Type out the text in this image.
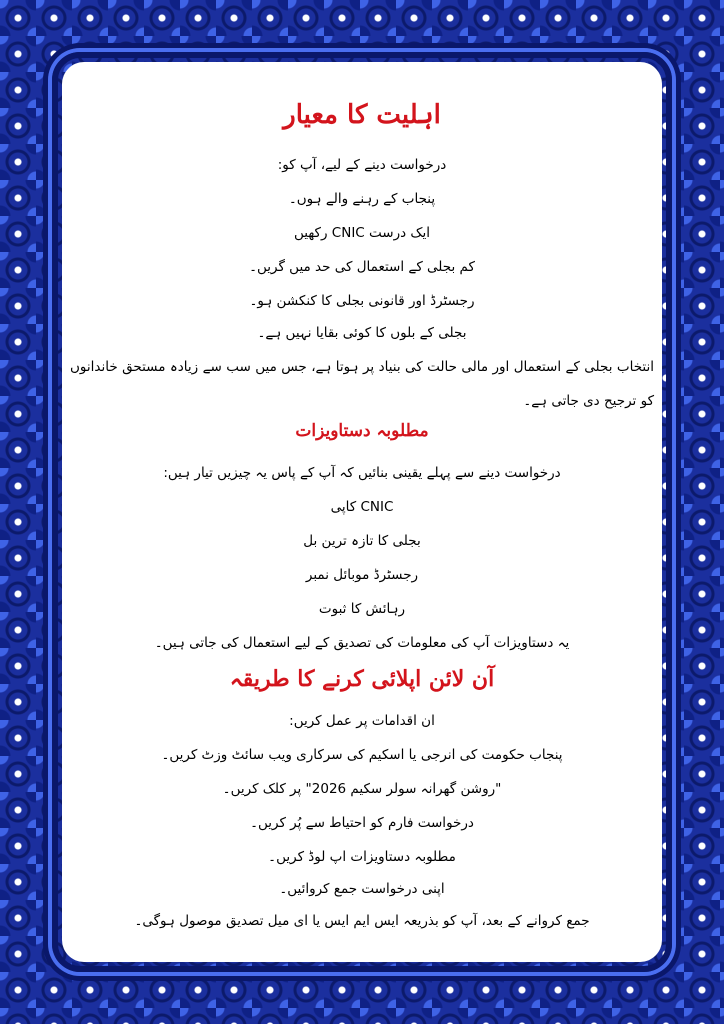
اہلیت کا معیار
درخواست دینے کے لیے، آپ کو:
پنجاب کے رہنے والے ہوں۔
ایک درست CNIC رکھیں
کم بجلی کے استعمال کی حد میں گریں۔
رجسٹرڈ اور قانونی بجلی کا کنکشن ہو۔
بجلی کے بلوں کا کوئی بقایا نہیں ہے۔
انتخاب بجلی کے استعمال اور مالی حالت کی بنیاد پر ہوتا ہے، جس میں سب سے زیادہ مستحق خاندانوں کو ترجیح دی جاتی ہے۔
مطلوبہ دستاویزات
درخواست دینے سے پہلے یقینی بنائیں کہ آپ کے پاس یہ چیزیں تیار ہیں:
CNIC کاپی
بجلی کا تازہ ترین بل
رجسٹرڈ موبائل نمبر
رہائش کا ثبوت
یہ دستاویزات آپ کی معلومات کی تصدیق کے لیے استعمال کی جاتی ہیں۔
آن لائن اپلائی کرنے کا طریقہ
ان اقدامات پر عمل کریں:
پنجاب حکومت کی انرجی یا اسکیم کی سرکاری ویب سائٹ وزٹ کریں۔
"روشن گھرانہ سولر سکیم 2026" پر کلک کریں۔
درخواست فارم کو احتیاط سے پُر کریں۔
مطلوبہ دستاویزات اپ لوڈ کریں۔
اپنی درخواست جمع کروائیں۔
جمع کروانے کے بعد، آپ کو بذریعہ ایس ایم ایس یا ای میل تصدیق موصول ہوگی۔
